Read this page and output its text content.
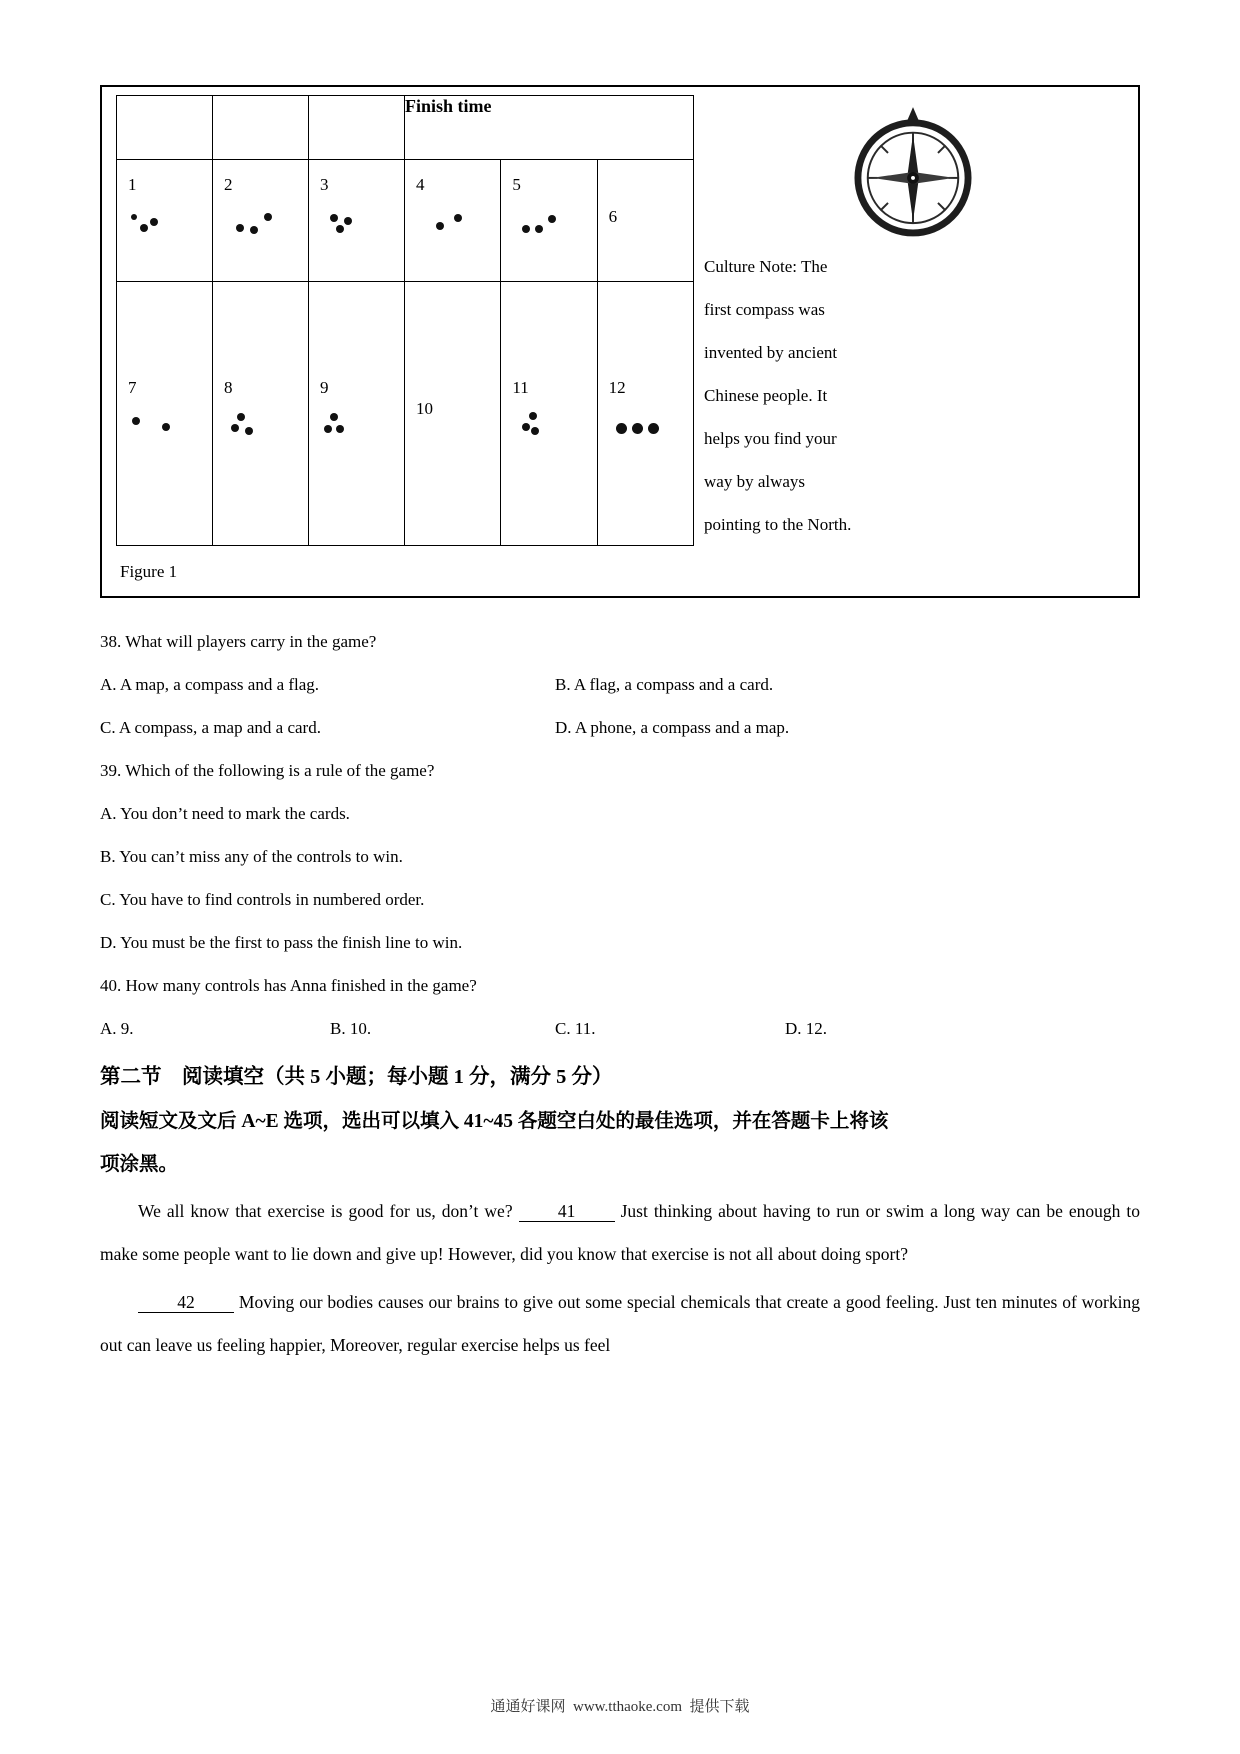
			Finish time		

1	2	3	4	5	6

7	8	9	10	11	12
Culture Note: The
first compass was
invented by ancient
Chinese people. It
helps you find your
way by always
pointing to the North.
Figure 1
38. What will players carry in the game?
A. A map, a compass and a flag.	B. A flag, a compass and a card.
C. A compass, a map and a card.	D. A phone, a compass and a map.
39. Which of the following is a rule of the game?
A. You don’t need to mark the cards.
B. You can’t miss any of the controls to win.
C. You have to find controls in numbered order.
D. You must be the first to pass the finish line to win.
40. How many controls has Anna finished in the game?
A. 9.	B. 10.	C. 11.	D. 12.
第二节　阅读填空（共 5 小题；每小题 1 分，满分 5 分）
阅读短文及文后 A~E 选项，选出可以填入 41~45 各题空白处的最佳选项，并在答题卡上将该
项涂黑。

We all know that exercise is good for us, don’t we? 41 Just thinking about having to run or swim a long way can be enough to make some people want to lie down and give up! However, did you know that exercise is not all about doing sport?

42 Moving our bodies causes our brains to give out some special chemicals that create a good feeling. Just ten minutes of working out can leave us feeling happier, Moreover, regular exercise helps us feel

通通好课网  www.tthaoke.com  提供下载
